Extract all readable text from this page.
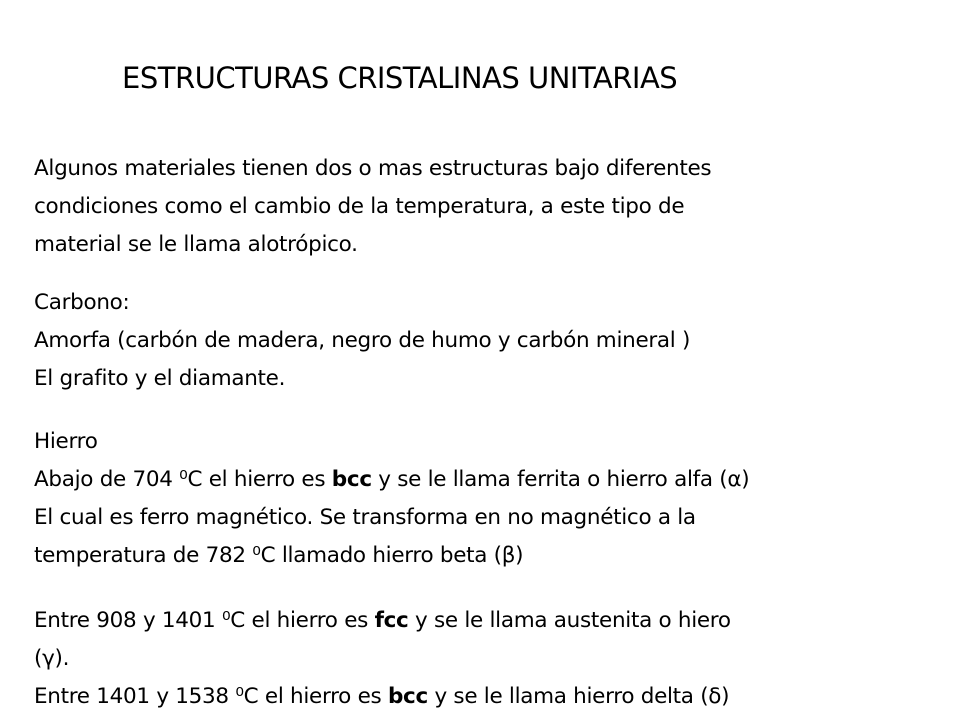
ESTRUCTURAS CRISTALINAS UNITARIAS
Algunos materiales tienen dos o mas estructuras bajo diferentes
condiciones como el cambio de la temperatura, a este tipo de
material se le llama alotrópico.
Carbono:
Amorfa (carbón de madera, negro de humo y carbón mineral )
El grafito y el diamante.
Hierro
Abajo de 704 ⁰C el hierro es bcc y se le llama ferrita o hierro alfa (α)
El cual es ferro magnético. Se transforma en no magnético a la
temperatura de 782 ⁰C llamado hierro beta (β)
Entre 908 y 1401 ⁰C el hierro es fcc y se le llama austenita o hiero
(γ).
Entre 1401 y 1538 ⁰C el hierro es bcc y se le llama hierro delta (δ)
